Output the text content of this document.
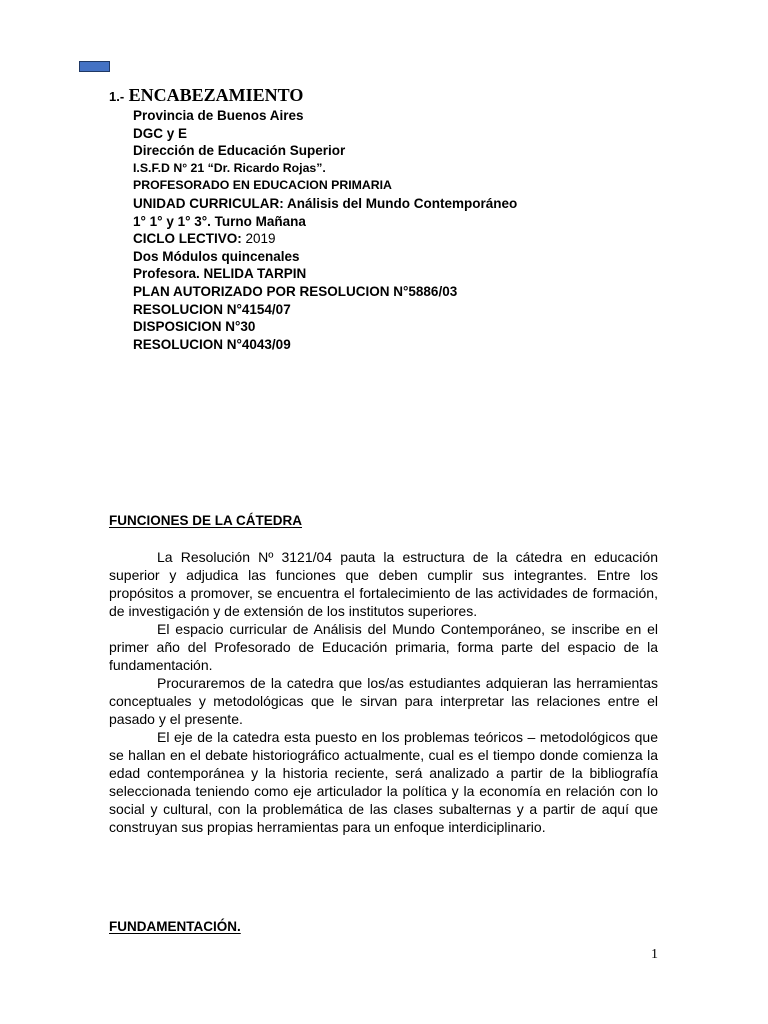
1.- ENCABEZAMIENTO
Provincia de Buenos Aires
DGC y E
Dirección de Educación Superior
I.S.F.D N° 21 “Dr. Ricardo Rojas”.
PROFESORADO EN EDUCACION PRIMARIA
UNIDAD CURRICULAR: Análisis del Mundo Contemporáneo
1° 1° y 1° 3°. Turno Mañana
CICLO LECTIVO: 2019
Dos Módulos quincenales
Profesora. NELIDA TARPIN
PLAN AUTORIZADO POR RESOLUCION N°5886/03
RESOLUCION N°4154/07
DISPOSICION N°30
RESOLUCION N°4043/09
FUNCIONES DE LA CÁTEDRA

La Resolución Nº 3121/04 pauta la estructura de la cátedra en educación superior y adjudica las funciones que deben cumplir sus integrantes. Entre los propósitos a promover, se encuentra el fortalecimiento de las actividades de formación, de investigación y de extensión de los institutos superiores.

El espacio curricular de Análisis del Mundo Contemporáneo, se inscribe en el primer año del Profesorado de Educación primaria, forma parte del espacio de la fundamentación.

Procuraremos de la catedra que los/as estudiantes adquieran las herramientas conceptuales y metodológicas que le sirvan para interpretar las relaciones entre el pasado y el presente.

El eje de la catedra esta puesto en los problemas teóricos – metodológicos que se hallan en el debate historiográfico actualmente, cual es el tiempo donde comienza la edad contemporánea y la historia reciente, será analizado a partir de la bibliografía seleccionada teniendo como eje articulador la política y la economía en relación con lo social y cultural, con la problemática de las clases subalternas y a partir de aquí que construyan sus propias herramientas para un enfoque interdiciplinario.

FUNDAMENTACIÓN.
1
